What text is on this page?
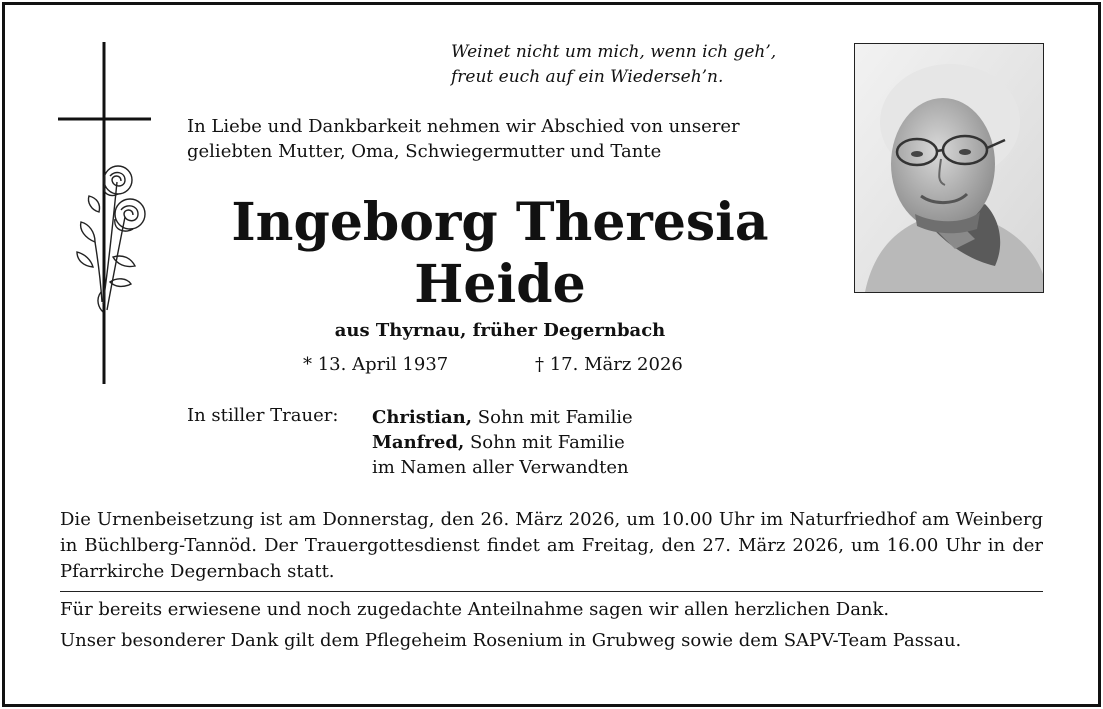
Weinet nicht um mich, wenn ich geh’,
freut euch auf ein Wiederseh’n.
In Liebe und Dankbarkeit nehmen wir Abschied von unserer
geliebten Mutter, Oma, Schwiegermutter und Tante
Ingeborg Theresia
Heide
aus Thyrnau, früher Degernbach
* 13. April 1937	† 17. März 2026
In stiller Trauer: Christian, Sohn mit Familie
Manfred, Sohn mit Familie
im Namen aller Verwandten
Die Urnenbeisetzung ist am Donnerstag, den 26. März 2026, um 10.00 Uhr im Naturfriedhof am Weinberg in Büchlberg-Tannöd. Der Trauergottesdienst findet am Freitag, den 27. März 2026, um 16.00 Uhr in der Pfarrkirche Degernbach statt.
Für bereits erwiesene und noch zugedachte Anteilnahme sagen wir allen herzlichen Dank.
Unser besonderer Dank gilt dem Pflegeheim Rosenium in Grubweg sowie dem SAPV-Team Passau.
